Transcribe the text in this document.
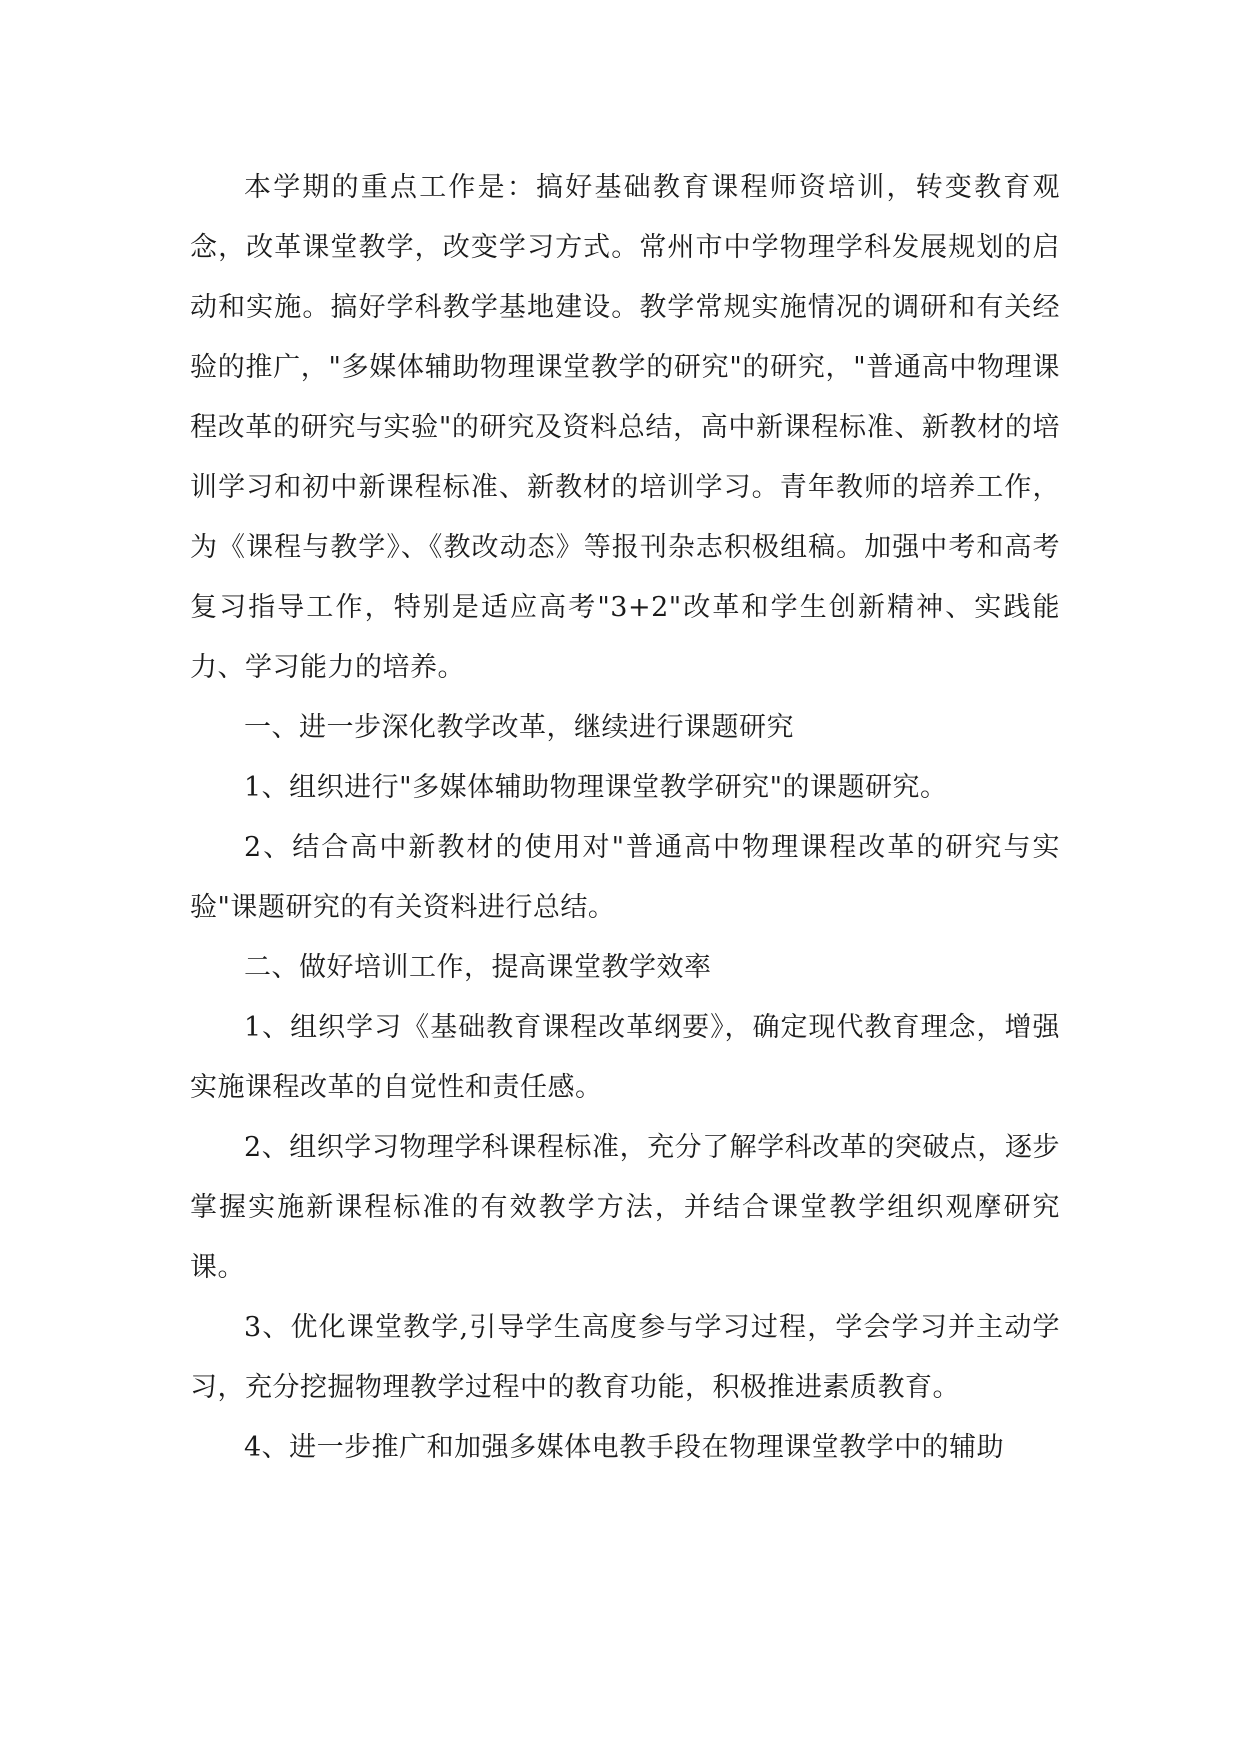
本学期的重点工作是：搞好基础教育课程师资培训，转变教育观念，改革课堂教学，改变学习方式。常州市中学物理学科发展规划的启动和实施。搞好学科教学基地建设。教学常规实施情况的调研和有关经验的推广，"多媒体辅助物理课堂教学的研究"的研究，"普通高中物理课程改革的研究与实验"的研究及资料总结，高中新课程标准、新教材的培训学习和初中新课程标准、新教材的培训学习。青年教师的培养工作，为《课程与教学》、《教改动态》等报刊杂志积极组稿。加强中考和高考复习指导工作，特别是适应高考"3+2"改革和学生创新精神、实践能力、学习能力的培养。

一、进一步深化教学改革，继续进行课题研究

1、组织进行"多媒体辅助物理课堂教学研究"的课题研究。

2、结合高中新教材的使用对"普通高中物理课程改革的研究与实验"课题研究的有关资料进行总结。

二、做好培训工作，提高课堂教学效率

1、组织学习《基础教育课程改革纲要》，确定现代教育理念，增强实施课程改革的自觉性和责任感。

2、组织学习物理学科课程标准，充分了解学科改革的突破点，逐步掌握实施新课程标准的有效教学方法，并结合课堂教学组织观摩研究课。

3、优化课堂教学,引导学生高度参与学习过程，学会学习并主动学习，充分挖掘物理教学过程中的教育功能，积极推进素质教育。

4、进一步推广和加强多媒体电教手段在物理课堂教学中的辅助
